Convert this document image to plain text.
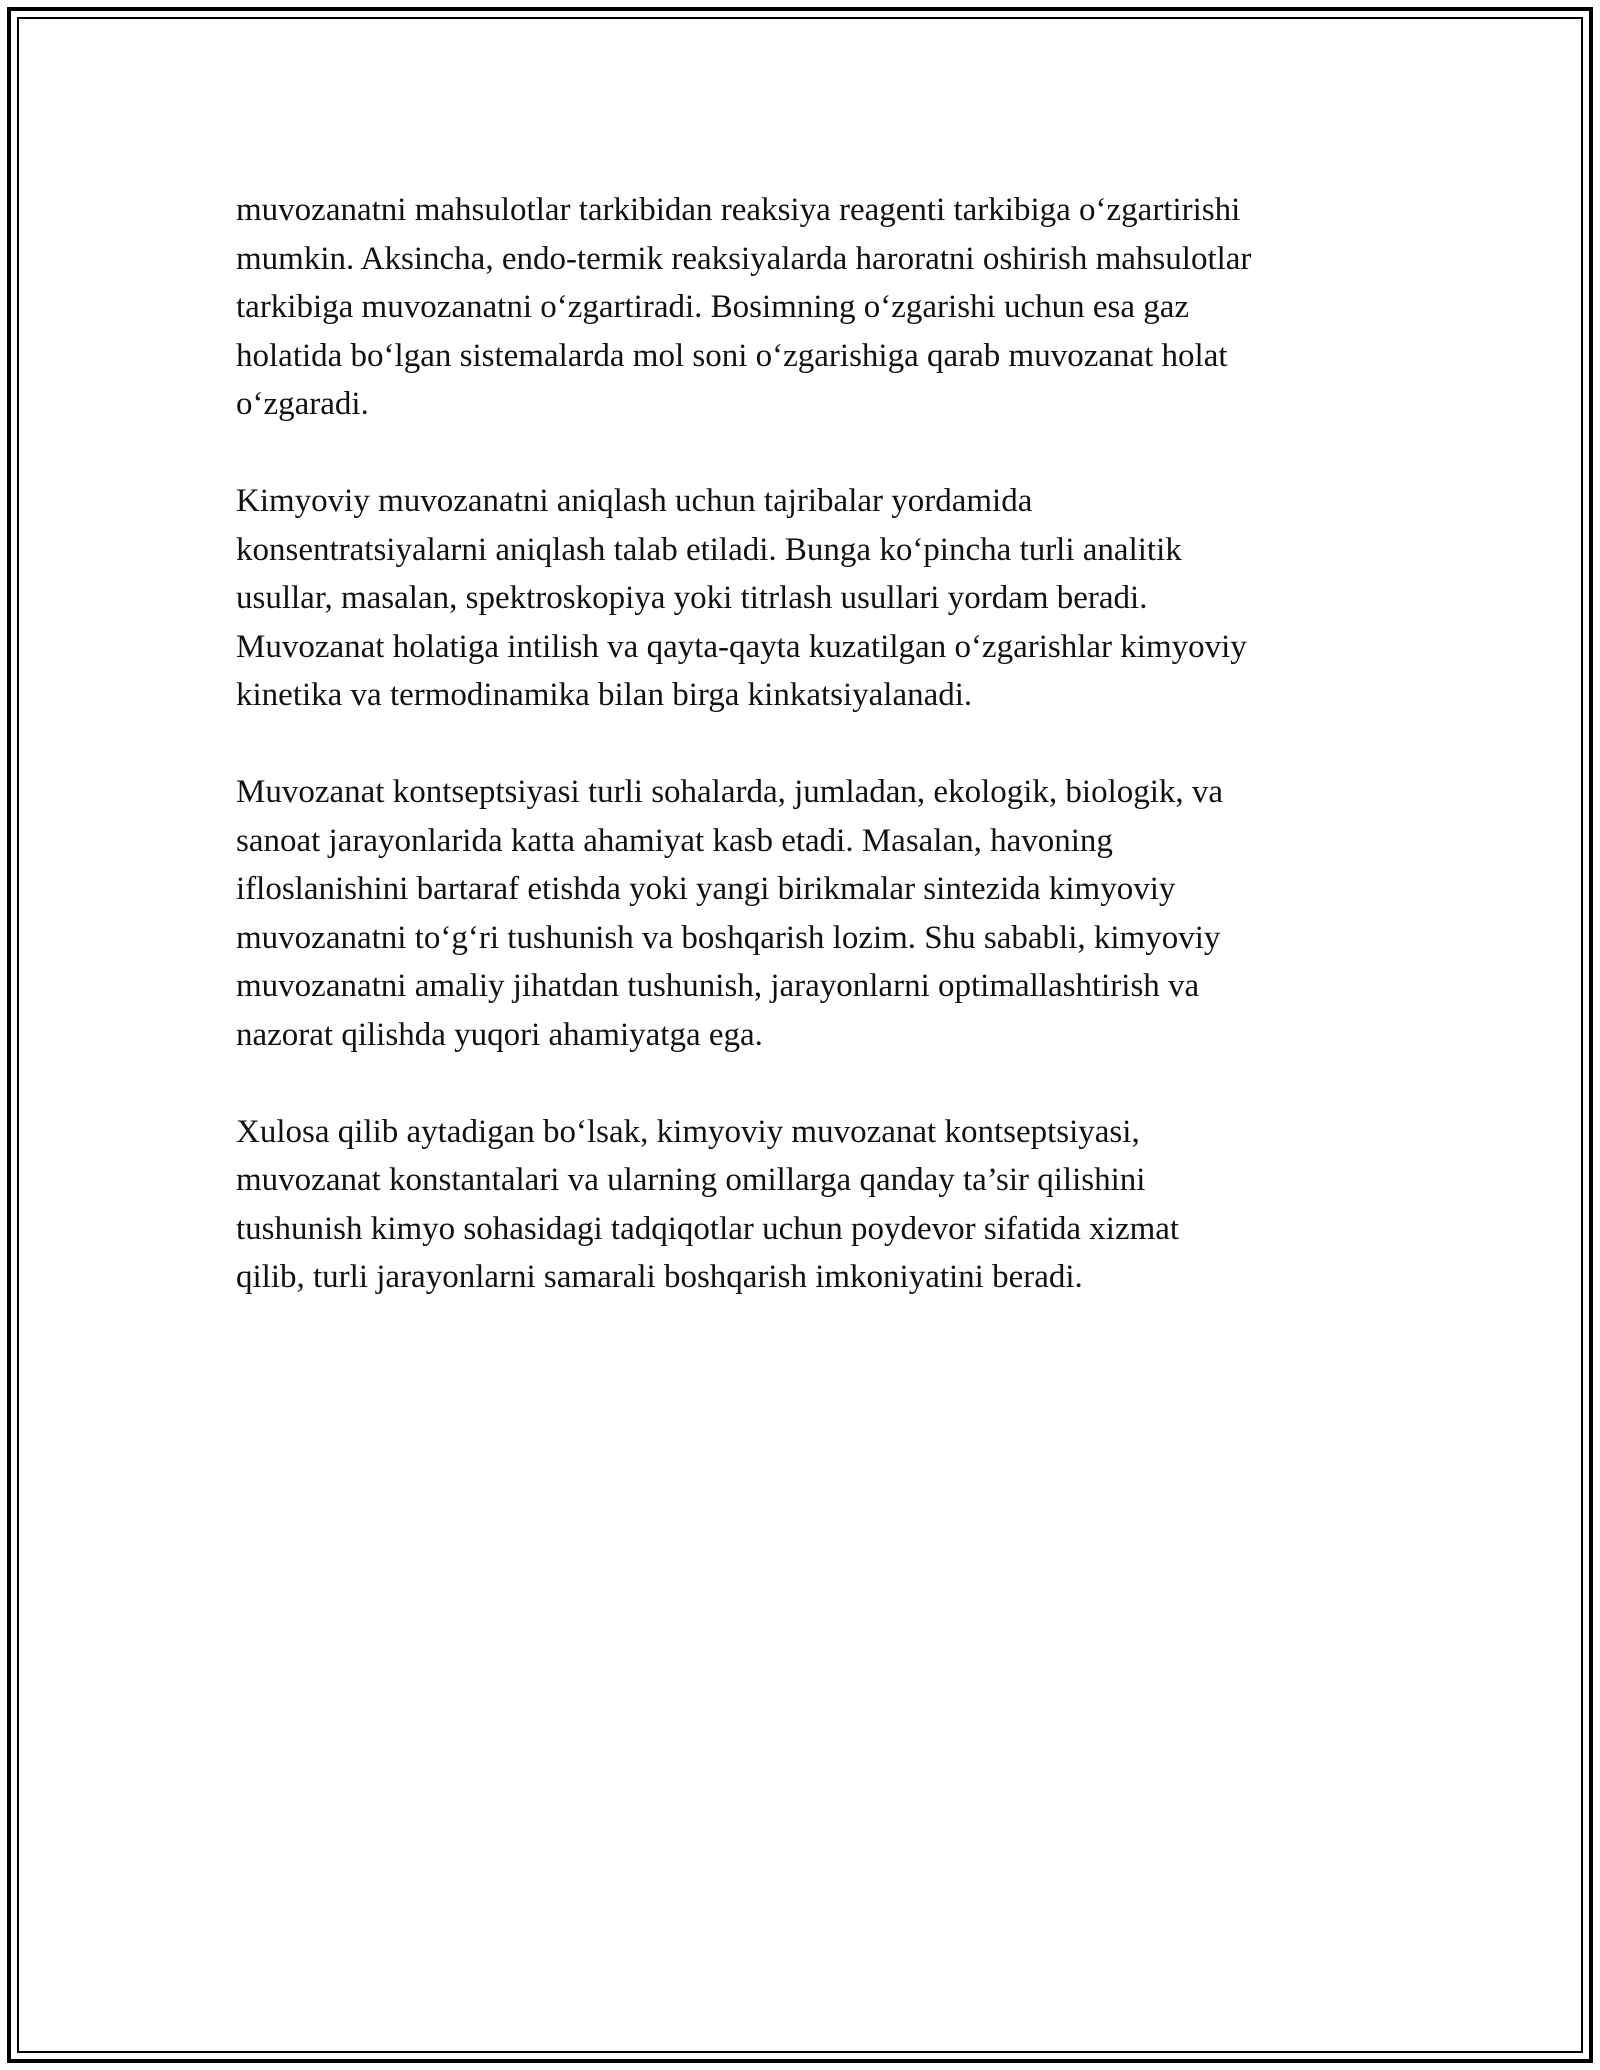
muvozanatni mahsulotlar tarkibidan reaksiya reagenti tarkibiga o‘zgartirishi
mumkin. Aksincha, endo-termik reaksiyalarda haroratni oshirish mahsulotlar
tarkibiga muvozanatni o‘zgartiradi. Bosimning o‘zgarishi uchun esa gaz
holatida bo‘lgan sistemalarda mol soni o‘zgarishiga qarab muvozanat holat
o‘zgaradi.

Kimyoviy muvozanatni aniqlash uchun tajribalar yordamida
konsentratsiyalarni aniqlash talab etiladi. Bunga ko‘pincha turli analitik
usullar, masalan, spektroskopiya yoki titrlash usullari yordam beradi.
Muvozanat holatiga intilish va qayta-qayta kuzatilgan o‘zgarishlar kimyoviy
kinetika va termodinamika bilan birga kinkatsiyalanadi.

Muvozanat kontseptsiyasi turli sohalarda, jumladan, ekologik, biologik, va
sanoat jarayonlarida katta ahamiyat kasb etadi. Masalan, havoning
ifloslanishini bartaraf etishda yoki yangi birikmalar sintezida kimyoviy
muvozanatni to‘g‘ri tushunish va boshqarish lozim. Shu sababli, kimyoviy
muvozanatni amaliy jihatdan tushunish, jarayonlarni optimallashtirish va
nazorat qilishda yuqori ahamiyatga ega.

Xulosa qilib aytadigan bo‘lsak, kimyoviy muvozanat kontseptsiyasi,
muvozanat konstantalari va ularning omillarga qanday ta’sir qilishini
tushunish kimyo sohasidagi tadqiqotlar uchun poydevor sifatida xizmat
qilib, turli jarayonlarni samarali boshqarish imkoniyatini beradi.
